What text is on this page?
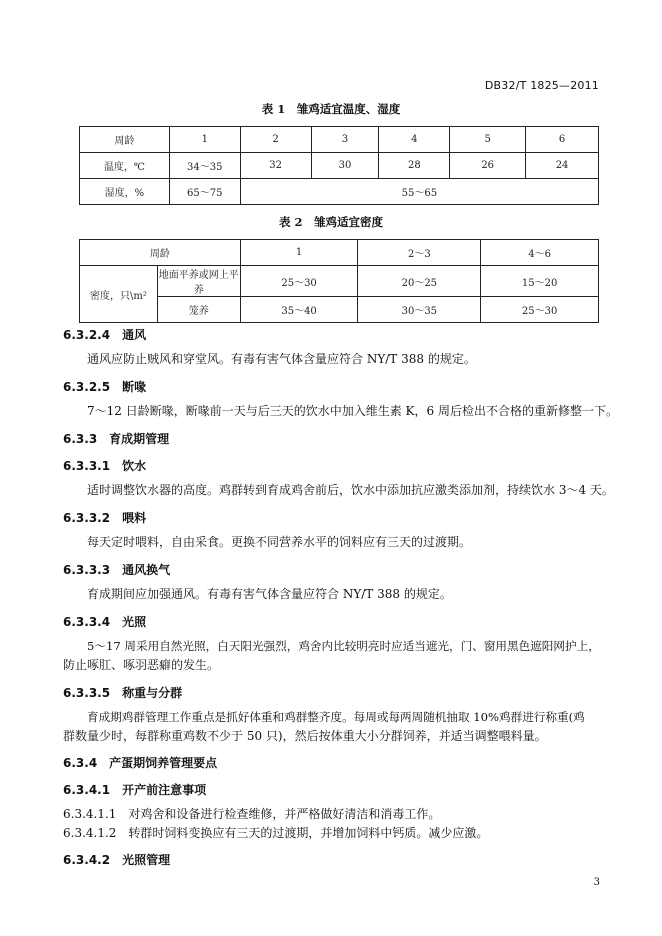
DB32/T 1825—2011
表 1　雏鸡适宜温度、湿度
周龄	1	2	3	4	5	6
温度，℃	34～35	32	30	28	26	24
湿度，%	65～75	55～65				
表 2　雏鸡适宜密度
周龄		1	2～3	4～6
密度，只\m²	地面平养或网上平养	25～30	20～25	15～20
	笼养	35～40	30～35	25～30
6.3.2.4  通风
通风应防止贼风和穿堂风。有毒有害气体含量应符合 NY/T 388 的规定。
6.3.2.5  断喙
7～12 日龄断喙，断喙前一天与后三天的饮水中加入维生素 K，6 周后检出不合格的重新修整一下。
6.3.3  育成期管理
6.3.3.1  饮水
适时调整饮水器的高度。鸡群转到育成鸡舍前后，饮水中添加抗应激类添加剂，持续饮水 3～4 天。
6.3.3.2  喂料
每天定时喂料，自由采食。更换不同营养水平的饲料应有三天的过渡期。
6.3.3.3  通风换气
育成期间应加强通风。有毒有害气体含量应符合 NY/T 388 的规定。
6.3.3.4  光照
5～17 周采用自然光照，白天阳光强烈，鸡舍内比较明亮时应适当遮光，门、窗用黑色遮阳网护上，
防止啄肛、啄羽恶癖的发生。
6.3.3.5  称重与分群
育成期鸡群管理工作重点是抓好体重和鸡群整齐度。每周或每两周随机抽取 10%鸡群进行称重(鸡
群数量少时，每群称重鸡数不少于 50 只)，然后按体重大小分群饲养，并适当调整喂料量。
6.3.4  产蛋期饲养管理要点
6.3.4.1  开产前注意事项
6.3.4.1.1　对鸡舍和设备进行检查维修，并严格做好清洁和消毒工作。
6.3.4.1.2　转群时饲料变换应有三天的过渡期，并增加饲料中钙质。减少应激。
6.3.4.2  光照管理
3
